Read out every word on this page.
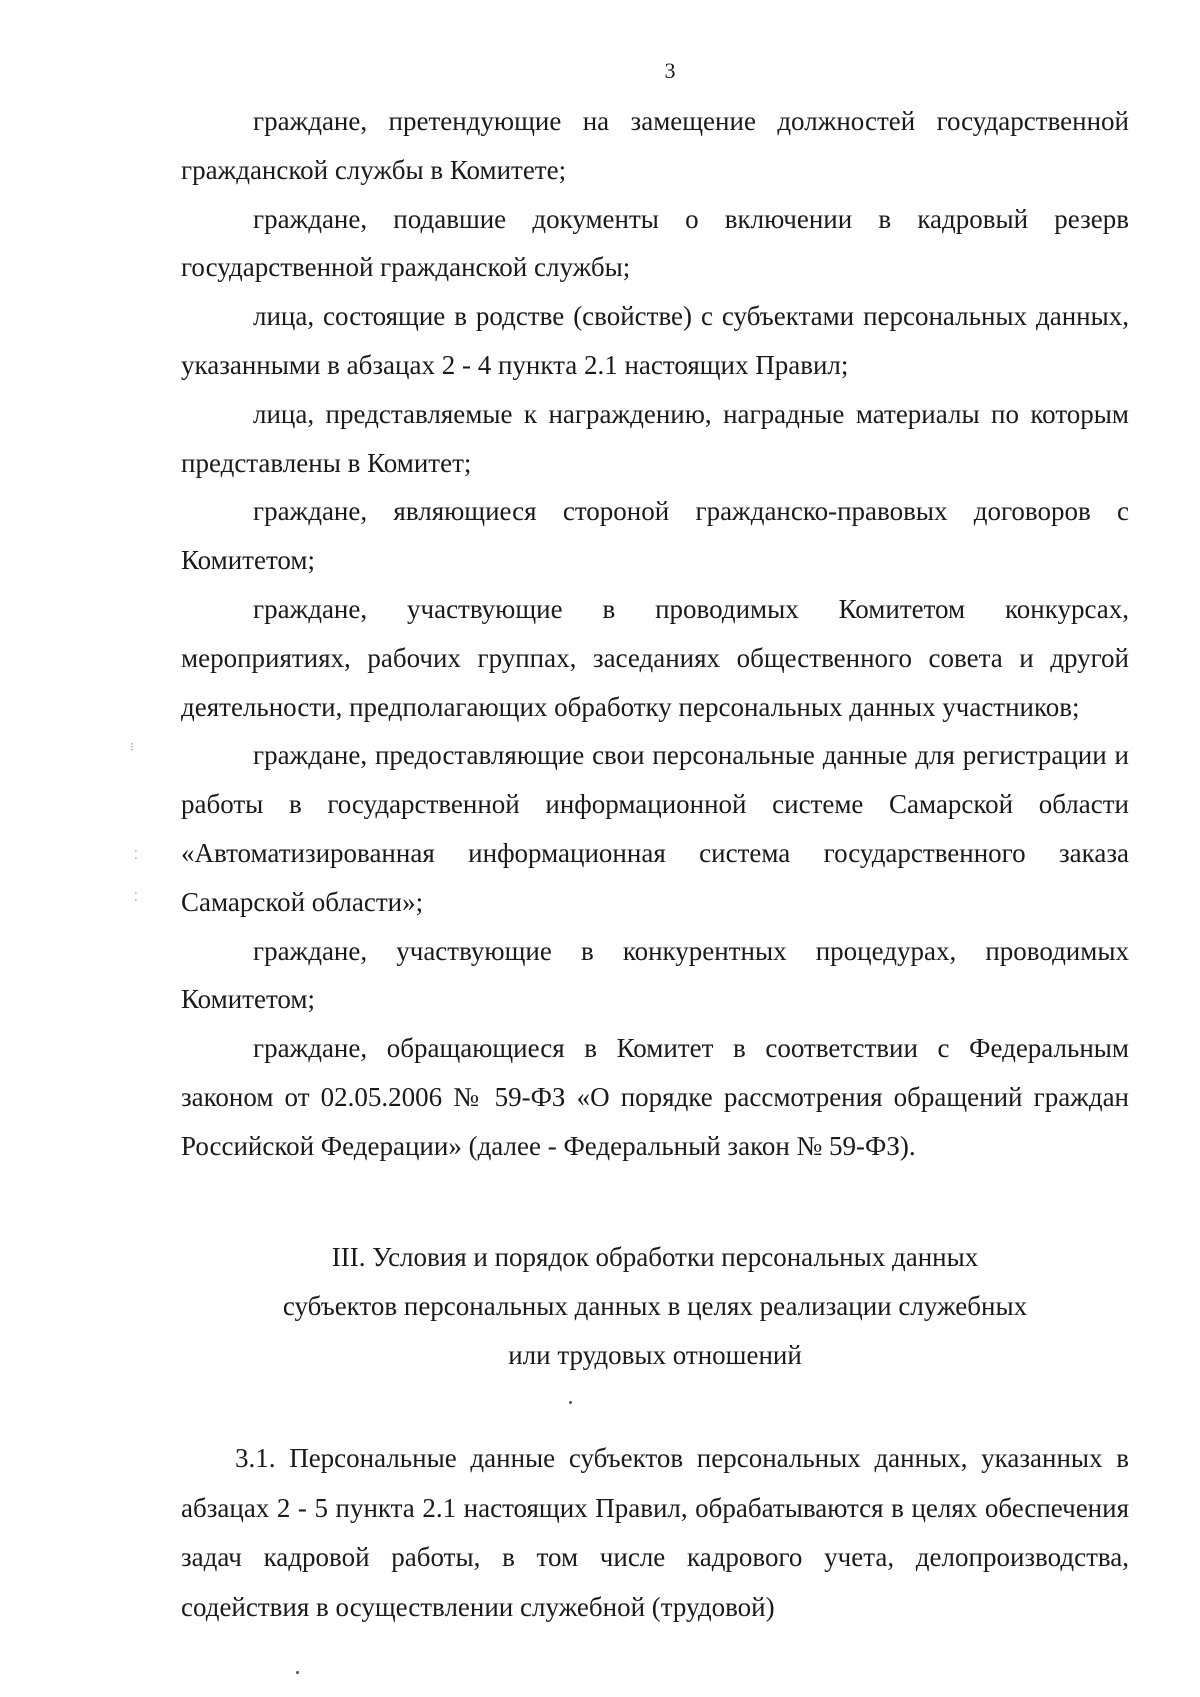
3

граждане, претендующие на замещение должностей государственной гражданской службы в Комитете;

граждане, подавшие документы о включении в кадровый резерв государственной гражданской службы;

лица, состоящие в родстве (свойстве) с субъектами персональных данных, указанными в абзацах 2 - 4 пункта 2.1 настоящих Правил;

лица, представляемые к награждению, наградные материалы по которым представлены в Комитет;

граждане, являющиеся стороной гражданско-правовых договоров с Комитетом;

граждане, участвующие в проводимых Комитетом конкурсах, мероприятиях, рабочих группах, заседаниях общественного совета и другой деятельности, предполагающих обработку персональных данных участников;

граждане, предоставляющие свои персональные данные для регистрации и работы в государственной информационной системе Самарской области «Автоматизированная информационная система государственного заказа Самарской области»;

граждане, участвующие в конкурентных процедурах, проводимых Комитетом;

граждане, обращающиеся в Комитет в соответствии с Федеральным законом от 02.05.2006 № 59-ФЗ «О порядке рассмотрения обращений граждан Российской Федерации» (далее - Федеральный закон № 59-ФЗ).

III. Условия и порядок обработки персональных данных
субъектов персональных данных в целях реализации служебных
или трудовых отношений

3.1. Персональные данные субъектов персональных данных, указанных в абзацах 2 - 5 пункта 2.1 настоящих Правил, обрабатываются в целях обеспечения задач кадровой работы, в том числе кадрового учета, делопроизводства, содействия в осуществлении служебной (трудовой)

⁝
⁚
⁚
